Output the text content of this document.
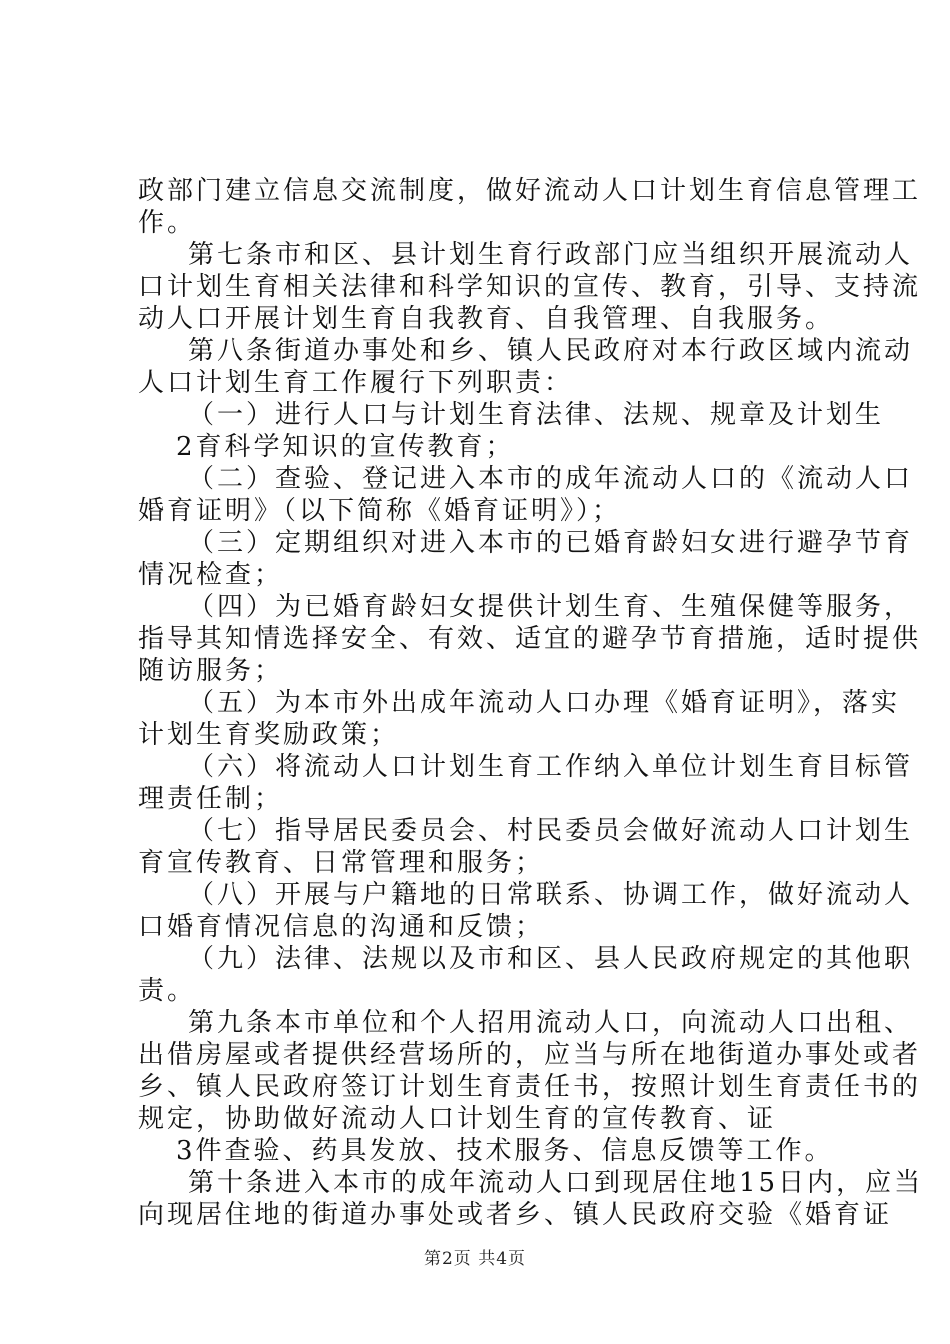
政部门建立信息交流制度，做好流动人口计划生育信息管理工
作。
第七条市和区、县计划生育行政部门应当组织开展流动人
口计划生育相关法律和科学知识的宣传、教育，引导、支持流
动人口开展计划生育自我教育、自我管理、自我服务。
第八条街道办事处和乡、镇人民政府对本行政区域内流动
人口计划生育工作履行下列职责：
（一）进行人口与计划生育法律、法规、规章及计划生
2育科学知识的宣传教育；
（二）查验、登记进入本市的成年流动人口的《流动人口
婚育证明》（以下简称《婚育证明》）；
（三）定期组织对进入本市的已婚育龄妇女进行避孕节育
情况检查；
（四）为已婚育龄妇女提供计划生育、生殖保健等服务，
指导其知情选择安全、有效、适宜的避孕节育措施，适时提供
随访服务；
（五）为本市外出成年流动人口办理《婚育证明》，落实
计划生育奖励政策；
（六）将流动人口计划生育工作纳入单位计划生育目标管
理责任制；
（七）指导居民委员会、村民委员会做好流动人口计划生
育宣传教育、日常管理和服务；
（八）开展与户籍地的日常联系、协调工作，做好流动人
口婚育情况信息的沟通和反馈；
（九）法律、法规以及市和区、县人民政府规定的其他职
责。
第九条本市单位和个人招用流动人口，向流动人口出租、
出借房屋或者提供经营场所的，应当与所在地街道办事处或者
乡、镇人民政府签订计划生育责任书，按照计划生育责任书的
规定，协助做好流动人口计划生育的宣传教育、证
3件查验、药具发放、技术服务、信息反馈等工作。
第十条进入本市的成年流动人口到现居住地15日内，应当
向现居住地的街道办事处或者乡、镇人民政府交验《婚育证
第2页 共4页
